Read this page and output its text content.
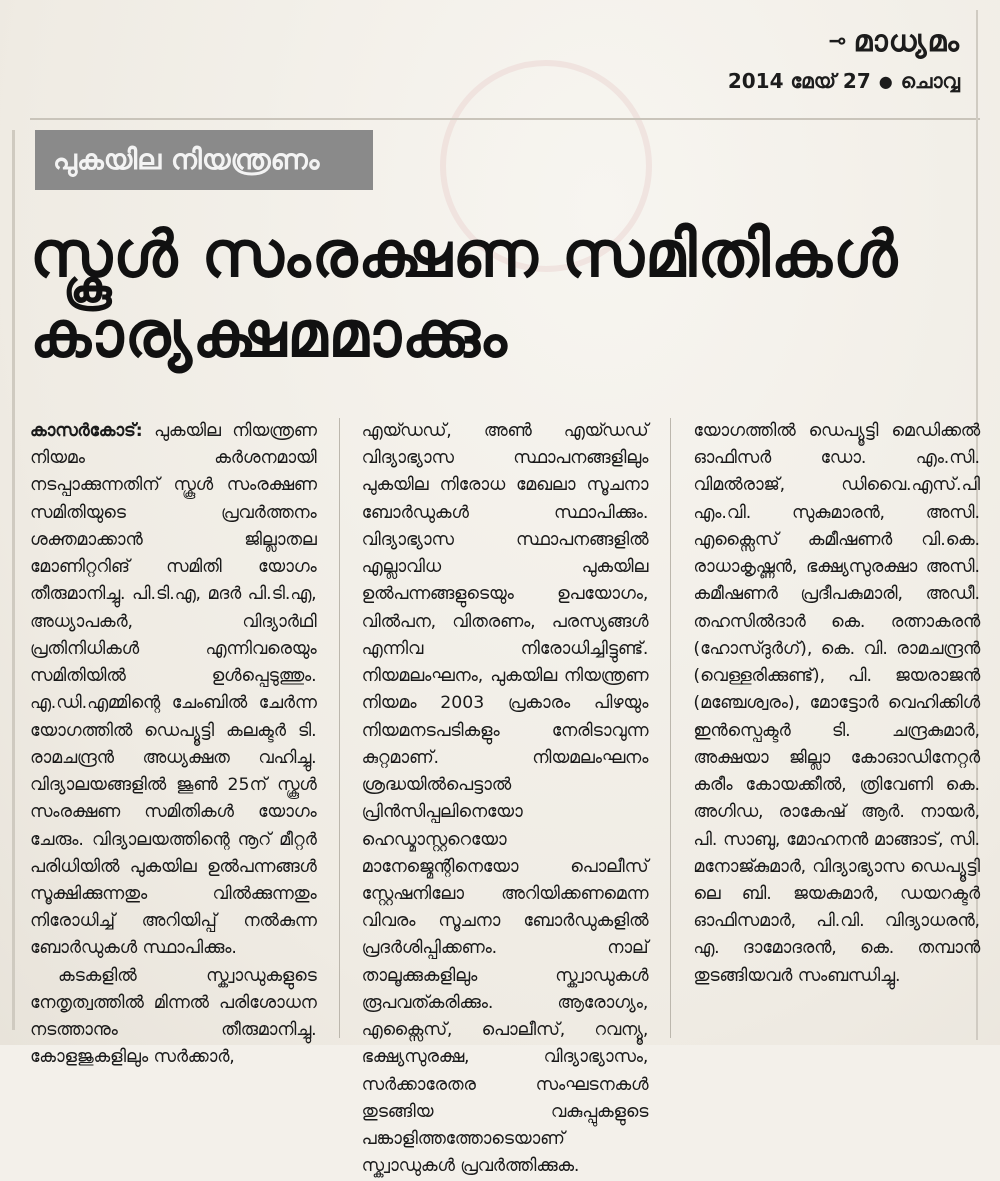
⊸ മാധ്യമം
2014 മേയ് 27 ● ചൊവ്വ
പുകയില നിയന്ത്രണം
സ്കൂൾ സംരക്ഷണ സമിതികൾ
കാര്യക്ഷമമാക്കും

കാസർകോട്: പുകയില നിയന്ത്രണ നിയമം കർശനമായി നടപ്പാക്കുന്നതിന് സ്കൂൾ സംരക്ഷണ സമിതിയുടെ പ്രവർത്തനം ശക്തമാക്കാൻ ജില്ലാതല മോണിറ്ററിങ് സമിതി യോഗം തീരുമാനിച്ചു. പി.ടി.എ, മദർ പി.ടി.എ, അധ്യാപകർ, വിദ്യാർഥി പ്രതിനിധികൾ എന്നിവരെയും സമിതിയിൽ ഉൾപ്പെടുത്തും. എ.ഡി.എമ്മിന്റെ ചേംബിൽ ചേർന്ന യോഗത്തിൽ ഡെപ്യൂട്ടി കലക്ടർ ടി. രാമചന്ദ്രൻ അധ്യക്ഷത വഹിച്ചു. വിദ്യാലയങ്ങളിൽ ജൂൺ 25ന് സ്കൂൾ സംരക്ഷണ സമിതികൾ യോഗം ചേരും. വിദ്യാലയത്തിന്റെ നൂറ് മീറ്റർ പരിധിയിൽ പുകയില ഉൽപന്നങ്ങൾ സൂക്ഷിക്കുന്നതും വിൽക്കുന്നതും നിരോധിച്ച് അറിയിപ്പ് നൽകുന്ന ബോർഡുകൾ സ്ഥാപിക്കും.

കടകളിൽ സ്ക്വാഡുകളുടെ നേതൃത്വത്തിൽ മിന്നൽ പരിശോധന നടത്താനും തീരുമാനിച്ചു. കോളജുകളിലും സർക്കാർ,

എയ്ഡഡ്, അൺ എയ്ഡഡ് വിദ്യാഭ്യാസ സ്ഥാപനങ്ങളിലും പുകയില നിരോധ മേഖലാ സൂചനാ ബോർഡുകൾ സ്ഥാപിക്കും. വിദ്യാഭ്യാസ സ്ഥാപനങ്ങളിൽ എല്ലാവിധ പുകയില ഉൽപന്നങ്ങളുടെയും ഉപയോഗം, വിൽപന, വിതരണം, പരസ്യങ്ങൾ എന്നിവ നിരോധിച്ചിട്ടുണ്ട്. നിയമലംഘനം, പുകയില നിയന്ത്രണ നിയമം 2003 പ്രകാരം പിഴയും നിയമനടപടികളും നേരിടാവുന്ന കുറ്റമാണ്. നിയമലംഘനം ശ്രദ്ധയിൽപെട്ടാൽ പ്രിൻസിപ്പലിനെയോ ഹെഡ്മാസ്റ്ററെയോ മാനേജ്മെന്റിനെയോ പൊലീസ് സ്റ്റേഷനിലോ അറിയിക്കണമെന്ന വിവരം സൂചനാ ബോർഡുകളിൽ പ്രദർശിപ്പിക്കണം. നാല് താലൂക്കുകളിലും സ്ക്വാഡുകൾ രൂപവത്കരിക്കും. ആരോഗ്യം, എക്സൈസ്, പൊലീസ്, റവന്യൂ, ഭക്ഷ്യസുരക്ഷ, വിദ്യാഭ്യാസം, സർക്കാരേതര സംഘടനകൾ തുടങ്ങിയ വകുപ്പുകളുടെ പങ്കാളിത്തത്തോടെയാണ് സ്ക്വാഡുകൾ പ്രവർത്തിക്കുക.

യോഗത്തിൽ ഡെപ്യൂട്ടി മെഡിക്കൽ ഓഫിസർ ഡോ. എം.സി. വിമൽരാജ്, ഡിവൈ.എസ്.പി എം.വി. സുകുമാരൻ, അസി. എക്സൈസ് കമീഷണർ വി.കെ. രാധാകൃഷ്ണൻ, ഭക്ഷ്യസുരക്ഷാ അസി. കമീഷണർ പ്രദീപകുമാരി, അഡീ. തഹസിൽദാർ കെ. രത്നാകരൻ (ഹോസ്ദുർഗ്), കെ. വി. രാമചന്ദ്രൻ (വെള്ളരിക്കുണ്ട്), പി. ജയരാജൻ (മഞ്ചേശ്വരം), മോട്ടോർ വെഹിക്കിൾ ഇൻസ്പെക്ടർ ടി. ചന്ദ്രകുമാർ, അക്ഷയാ ജില്ലാ കോഓഡിനേറ്റർ കരീം കോയക്കീൽ, ത്രിവേണി കെ. അഗിഡ, രാകേഷ് ആർ. നായർ, പി. സാബു, മോഹനൻ മാങ്ങാട്, സി. മനോജ്കുമാർ, വിദ്യാഭ്യാസ ഡെപ്യൂട്ടി ലെ ബി. ജയകുമാർ, ഡയറക്ടർ ഓഫിസമാർ, പി.വി. വിദ്യാധരൻ, എ. ദാമോദരൻ, കെ. തമ്പാൻ തുടങ്ങിയവർ സംബന്ധിച്ചു.
